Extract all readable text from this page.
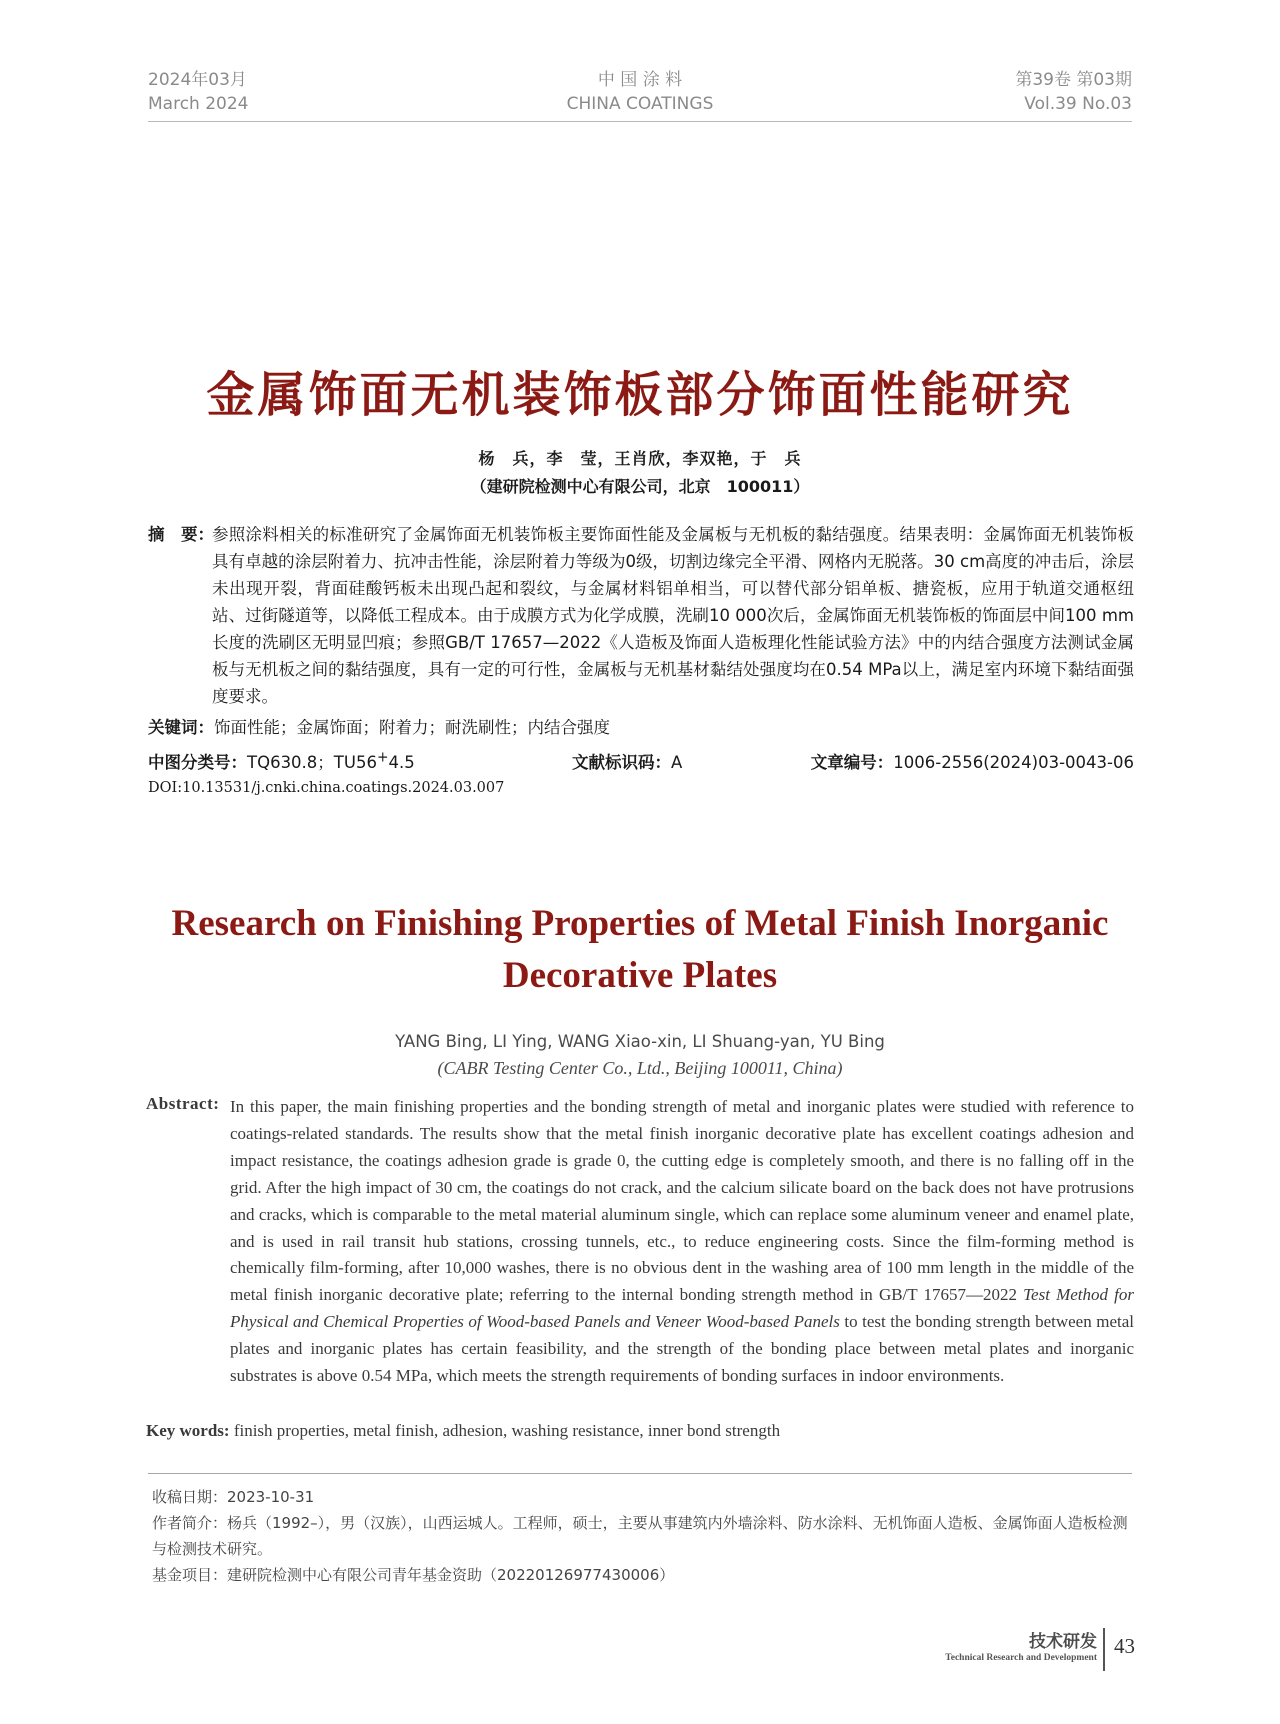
2024年03月
March 2024
中 国 涂 料
CHINA COATINGS
第39卷 第03期
Vol.39 No.03
金属饰面无机装饰板部分饰面性能研究
杨　兵，李　莹，王肖欣，李双艳，于　兵
（建研院检测中心有限公司，北京　100011）
摘　要：
参照涂料相关的标准研究了金属饰面无机装饰板主要饰面性能及金属板与无机板的黏结强度。结果表明：金属饰面无机装饰板具有卓越的涂层附着力、抗冲击性能，涂层附着力等级为0级，切割边缘完全平滑、网格内无脱落。30 cm高度的冲击后，涂层未出现开裂，背面硅酸钙板未出现凸起和裂纹，与金属材料铝单相当，可以替代部分铝单板、搪瓷板，应用于轨道交通枢纽站、过街隧道等，以降低工程成本。由于成膜方式为化学成膜，洗刷10 000次后，金属饰面无机装饰板的饰面层中间100 mm长度的洗刷区无明显凹痕；参照GB/T 17657—2022《人造板及饰面人造板理化性能试验方法》中的内结合强度方法测试金属板与无机板之间的黏结强度，具有一定的可行性，金属板与无机基材黏结处强度均在0.54 MPa以上，满足室内环境下黏结面强度要求。
关键词：饰面性能；金属饰面；附着力；耐洗刷性；内结合强度
中图分类号：TQ630.8；TU56+4.5	文献标识码：A	文章编号：1006-2556(2024)03-0043-06
DOI:10.13531/j.cnki.china.coatings.2024.03.007
Research on Finishing Properties of Metal Finish Inorganic
Decorative Plates
YANG Bing, LI Ying, WANG Xiao-xin, LI Shuang-yan, YU Bing
(CABR Testing Center Co., Ltd., Beijing 100011, China)
Abstract: In this paper, the main finishing properties and the bonding strength of metal and inorganic plates were studied with reference to coatings-related standards. The results show that the metal finish inorganic decorative plate has excellent coatings adhesion and impact resistance, the coatings adhesion grade is grade 0, the cutting edge is completely smooth, and there is no falling off in the grid. After the high impact of 30 cm, the coatings do not crack, and the calcium silicate board on the back does not have protrusions and cracks, which is comparable to the metal material aluminum single, which can replace some aluminum veneer and enamel plate, and is used in rail transit hub stations, crossing tunnels, etc., to reduce engineering costs. Since the film-forming method is chemically film-forming, after 10,000 washes, there is no obvious dent in the washing area of 100 mm length in the middle of the metal finish inorganic decorative plate; referring to the internal bonding strength method in GB/T 17657—2022 Test Method for Physical and Chemical Properties of Wood-based Panels and Veneer Wood-based Panels to test the bonding strength between metal plates and inorganic plates has certain feasibility, and the strength of the bonding place between metal plates and inorganic substrates is above 0.54 MPa, which meets the strength requirements of bonding surfaces in indoor environments.
Key words: finish properties, metal finish, adhesion, washing resistance, inner bond strength
收稿日期：2023-10-31
作者简介：杨兵（1992–），男（汉族），山西运城人。工程师，硕士，主要从事建筑内外墙涂料、防水涂料、无机饰面人造板、金属饰面人造板检测与检测技术研究。
基金项目：建研院检测中心有限公司青年基金资助（20220126977430006）
技术研发
Technical Research and Development 43
